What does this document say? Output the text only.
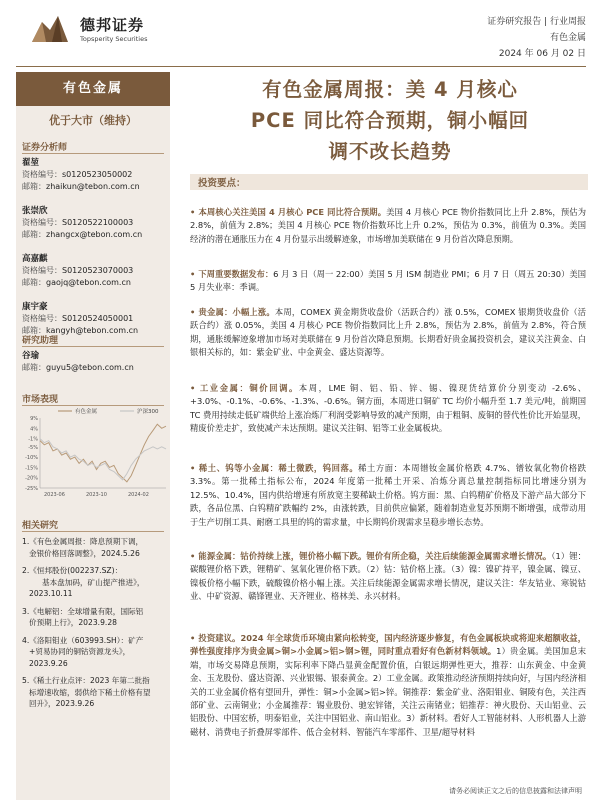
德邦证券
Topsperity Securities
证券研究报告 | 行业周报
有色金属
2024 年 06 月 02 日
有色金属
优于大市（维持）
证券分析师
翟堃
资格编号：s0120523050002
邮箱：zhaikun@tebon.com.cn
张崇欣
资格编号：S0120522100003
邮箱：zhangcx@tebon.com.cn
高嘉麒
资格编号：S0120523070003
邮箱：gaojq@tebon.com.cn
康宇豪
资格编号：S0120524050001
邮箱：kangyh@tebon.com.cn
研究助理
谷瑜
邮箱：guyu5@tebon.com.cn
市场表现
9%
4%
-1%
-5%
-10%
-15%
-20%
-25%
2023-06	2023-10	2024-02
有色金属	沪深300
相关研究
1.《有色金属周报：降息预期下调，
金银价格回落调整》，2024.5.26
2.《恒邦股份(002237.SZ)：
基本盘加码，矿山提产推进》，
2023.10.11
3.《电解铝：全球增量有限，国际铝
价预期上行》，2023.9.28
4.《洛阳钼业（603993.SH）：矿产
+贸易协同的铜钴资源龙头》，
2023.9.26
5.《稀土行业点评：2023 年第二批指
标增速收缩，弱供给下稀土价格有望
回升》，2023.9.26
有色金属周报：美 4 月核心
PCE 同比符合预期，铜小幅回
调不改长趋势
投资要点：
• 本周核心关注美国 4 月核心 PCE 同比符合预期。美国 4 月核心 PCE 物价指数同比上升 2.8%，预估为 2.8%，前值为 2.8%；美国 4 月核心 PCE 物价指数环比上升 0.2%，预估为 0.3%，前值为 0.3%。美国经济的潜在通胀压力在 4 月份显示出缓解迹象，市场增加美联储在 9 月份首次降息预期。
• 下周重要数据发布：6 月 3 日（周一 22:00）美国 5 月 ISM 制造业 PMI；6 月 7 日（周五 20:30）美国 5 月失业率：季调。
• 贵金属：小幅上涨。本周，COMEX 黄金期货收盘价（活跃合约）涨 0.5%，COMEX 银期货收盘价（活跃合约）涨 0.05%，美国 4 月核心 PCE 物价指数同比上升 2.8%，预估为 2.8%，前值为 2.8%，符合预期，通胀缓解迹象增加市场对美联储在 9 月份首次降息预期。长期看好贵金属投资机会，建议关注黄金、白银相关标的，如：紫金矿业、中金黄金、盛达资源等。
• 工业金属：铜价回调。本周，LME 铜、铝、铅、锌、锡、镍现货结算价分别变动 -2.6%、+3.0%、-0.1%、-0.6%、-1.3%、-0.6%。铜方面，本周进口铜矿 TC 均价小幅升至 1.7 美元/吨，前期国 TC 费用持续走低矿端供给上涨冶炼厂利润受影响导致的减产预期，由于粗铜、废铜的替代性价比开始显现，精废价差走扩，致使减产未达预期。建议关注铜、铝等工业金属板块。
• 稀土、钨等小金属：稀土微跌，钨回落。稀土方面：本周镨钕金属价格跌 4.7%、镨钕氧化物价格跌 3.3%。第一批稀土指标公布，2024 年度第一批稀土开采、冶炼分离总量控制指标同比增速分别为 12.5%、10.4%，国内供给增速有所放宽主要稀缺土价格。钨方面：黑、白钨精矿价格及下游产品大部分下跌，各品位黑、白钨精矿跌幅约 2%，由涨转跌，目前供应偏紧，随着制造业复苏预期不断增强，成带动用于生产切削工具、耐磨工具里的钨的需求量，中长期钨价现需求呈稳步增长态势。
• 能源金属：钴价持续上涨，锂价格小幅下跌。锂价有所企稳，关注后续能源金属需求增长情况。（1）锂：碳酸锂价格下跌，锂精矿、氢氧化锂价格下跌。（2）钴：钴价格上涨。（3）镍：镍矿持平，镍金属、镍豆、镍板价格小幅下跌，硫酸镍价格小幅上涨。关注后续能源金属需求增长情况，建议关注：华友钴业、寒锐钴业、中矿资源、赣锋锂业、天齐锂业、格林美、永兴材料。
• 投资建议。2024 年全球货币环境由紧向松转变，国内经济逐步修复，有色金属板块或将迎来超额收益，弹性强度排序为贵金属>铜>小金属>铝>钢>锂，同时重点看好有色新材料领域。1）贵金属。美国加息末端，市场交易降息预期，实际利率下降凸显黄金配置价值，白银远期弹性更大，推荐：山东黄金、中金黄金、玉龙股份、盛达资源、兴业银锡、银泰黄金。2）工业金属。政策推动经济预期持续向好，与国内经济相关的工业金属价格有望回升，弹性：铜>小金属>铝>锌。铜推荐：紫金矿业、洛阳钼业、铜陵有色，关注西部矿业、云南铜业；小金属推荐：锡业股份、驰宏锌锗，关注云南锗业；铝推荐：神火股份、天山铝业、云铝股份、中国宏桥，明泰铝业，关注中国铝业、南山铝业。3）新材料。看好人工智能材料、人形机器人上游磁材、消费电子折叠屏零部件、低合金材料、智能汽车零部件、卫星/超导材料
请务必阅读正文之后的信息披露和法律声明
